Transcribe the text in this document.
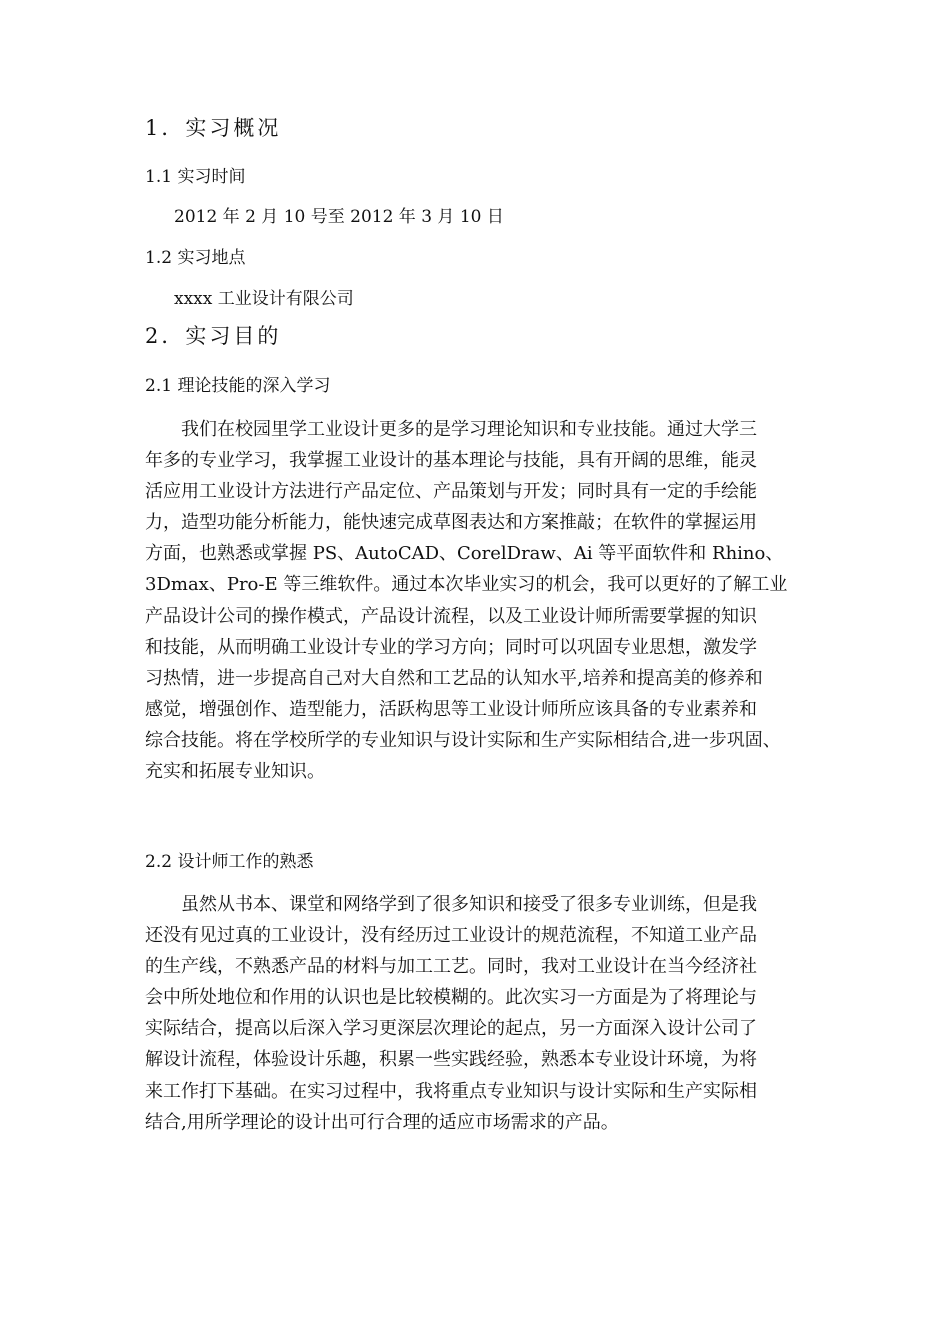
1．实习概况
1.1 实习时间
2012 年 2 月 10 号至 2012 年 3 月 10 日
1.2 实习地点
xxxx 工业设计有限公司
2．实习目的
2.1 理论技能的深入学习
我们在校园里学工业设计更多的是学习理论知识和专业技能。通过大学三
年多的专业学习，我掌握工业设计的基本理论与技能，具有开阔的思维，能灵
活应用工业设计方法进行产品定位、产品策划与开发；同时具有一定的手绘能
力，造型功能分析能力，能快速完成草图表达和方案推敲；在软件的掌握运用
方面，也熟悉或掌握 PS、AutoCAD、CorelDraw、Ai 等平面软件和 Rhino、
3Dmax、Pro-E 等三维软件。通过本次毕业实习的机会，我可以更好的了解工业
产品设计公司的操作模式，产品设计流程，以及工业设计师所需要掌握的知识
和技能，从而明确工业设计专业的学习方向；同时可以巩固专业思想，激发学
习热情，进一步提高自己对大自然和工艺品的认知水平,培养和提高美的修养和
感觉，增强创作、造型能力，活跃构思等工业设计师所应该具备的专业素养和
综合技能。将在学校所学的专业知识与设计实际和生产实际相结合,进一步巩固、
充实和拓展专业知识。
2.2 设计师工作的熟悉
虽然从书本、课堂和网络学到了很多知识和接受了很多专业训练，但是我
还没有见过真的工业设计，没有经历过工业设计的规范流程，不知道工业产品
的生产线，不熟悉产品的材料与加工工艺。同时，我对工业设计在当今经济社
会中所处地位和作用的认识也是比较模糊的。此次实习一方面是为了将理论与
实际结合，提高以后深入学习更深层次理论的起点，另一方面深入设计公司了
解设计流程，体验设计乐趣，积累一些实践经验，熟悉本专业设计环境，为将
来工作打下基础。在实习过程中，我将重点专业知识与设计实际和生产实际相
结合,用所学理论的设计出可行合理的适应市场需求的产品。
